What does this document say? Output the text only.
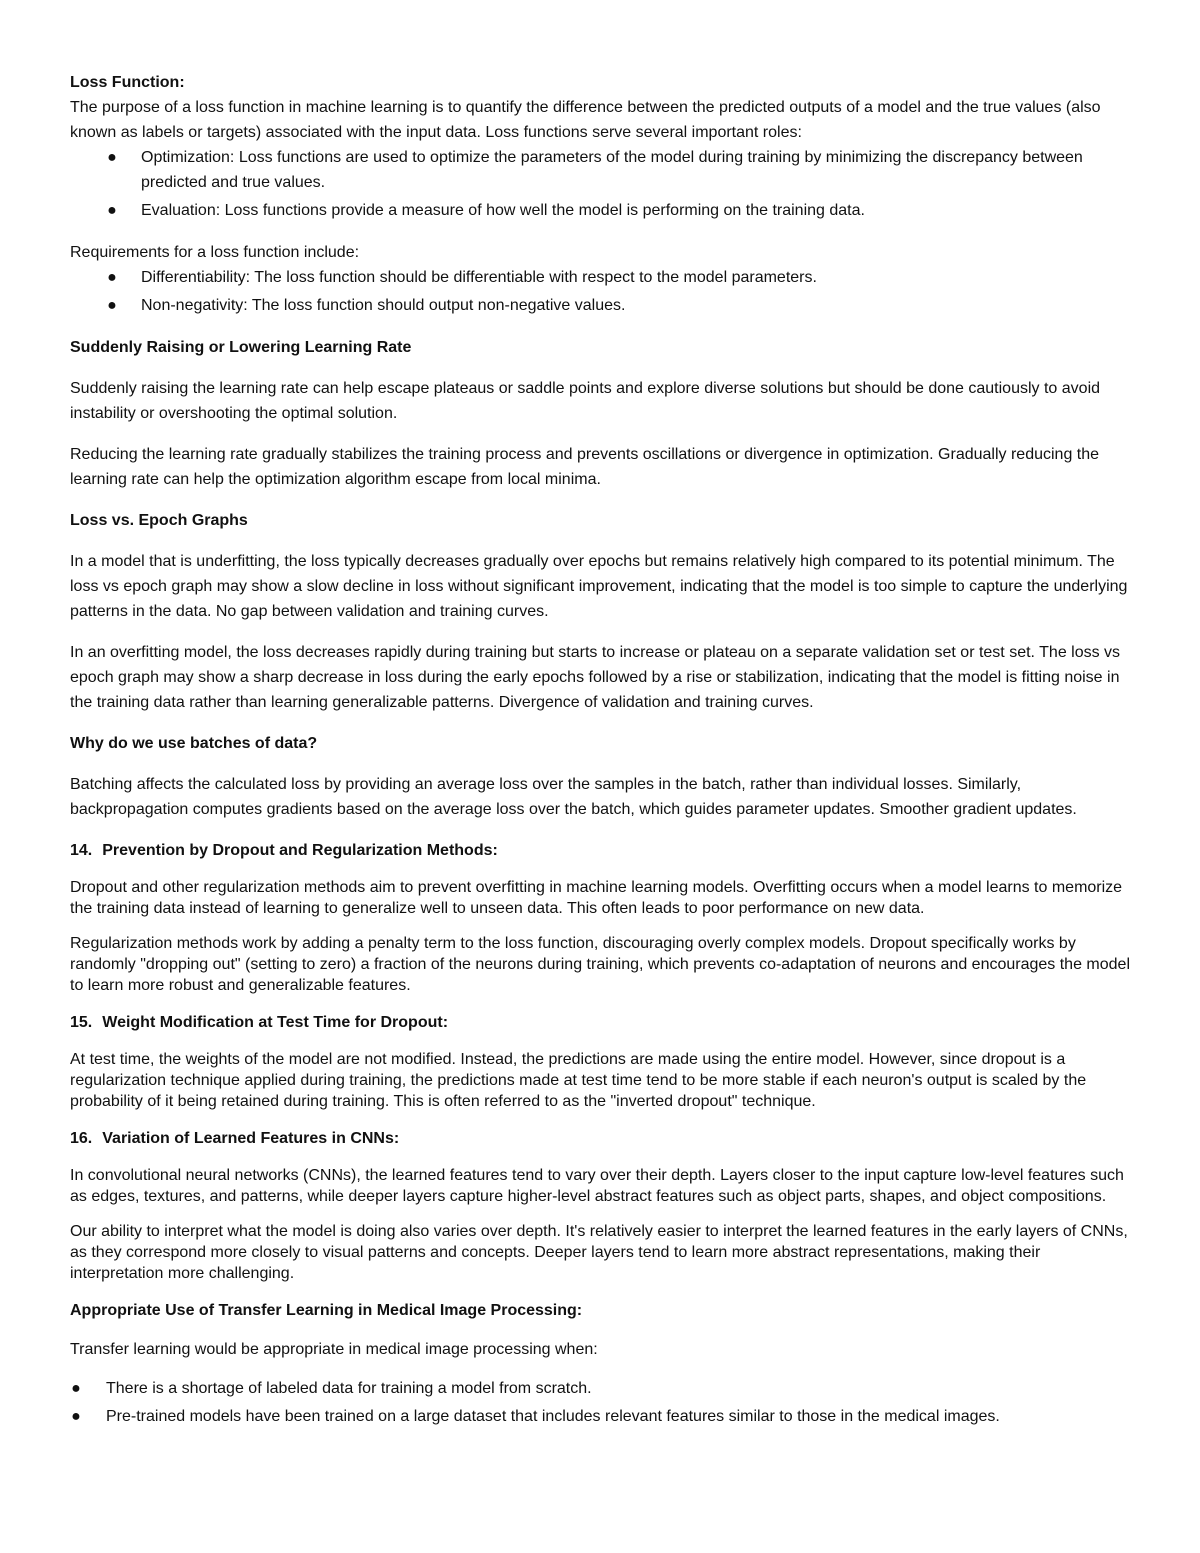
Loss Function:

The purpose of a loss function in machine learning is to quantify the difference between the predicted outputs of a model and the true values (also known as labels or targets) associated with the input data. Loss functions serve several important roles:

● Optimization: Loss functions are used to optimize the parameters of the model during training by minimizing the discrepancy between predicted and true values.
● Evaluation: Loss functions provide a measure of how well the model is performing on the training data.

Requirements for a loss function include:

● Differentiability: The loss function should be differentiable with respect to the model parameters.
● Non-negativity: The loss function should output non-negative values.

Suddenly Raising or Lowering Learning Rate

Suddenly raising the learning rate can help escape plateaus or saddle points and explore diverse solutions but should be done cautiously to avoid instability or overshooting the optimal solution.

Reducing the learning rate gradually stabilizes the training process and prevents oscillations or divergence in optimization. Gradually reducing the learning rate can help the optimization algorithm escape from local minima.

Loss vs. Epoch Graphs

In a model that is underfitting, the loss typically decreases gradually over epochs but remains relatively high compared to its potential minimum. The loss vs epoch graph may show a slow decline in loss without significant improvement, indicating that the model is too simple to capture the underlying patterns in the data. No gap between validation and training curves.

In an overfitting model, the loss decreases rapidly during training but starts to increase or plateau on a separate validation set or test set. The loss vs epoch graph may show a sharp decrease in loss during the early epochs followed by a rise or stabilization, indicating that the model is fitting noise in the training data rather than learning generalizable patterns. Divergence of validation and training curves.

Why do we use batches of data?

Batching affects the calculated loss by providing an average loss over the samples in the batch, rather than individual losses. Similarly, backpropagation computes gradients based on the average loss over the batch, which guides parameter updates. Smoother gradient updates.

14. Prevention by Dropout and Regularization Methods:

Dropout and other regularization methods aim to prevent overfitting in machine learning models. Overfitting occurs when a model learns to memorize the training data instead of learning to generalize well to unseen data. This often leads to poor performance on new data.

Regularization methods work by adding a penalty term to the loss function, discouraging overly complex models. Dropout specifically works by randomly "dropping out" (setting to zero) a fraction of the neurons during training, which prevents co-adaptation of neurons and encourages the model to learn more robust and generalizable features.

15. Weight Modification at Test Time for Dropout:

At test time, the weights of the model are not modified. Instead, the predictions are made using the entire model. However, since dropout is a regularization technique applied during training, the predictions made at test time tend to be more stable if each neuron's output is scaled by the probability of it being retained during training. This is often referred to as the "inverted dropout" technique.

16. Variation of Learned Features in CNNs:

In convolutional neural networks (CNNs), the learned features tend to vary over their depth. Layers closer to the input capture low-level features such as edges, textures, and patterns, while deeper layers capture higher-level abstract features such as object parts, shapes, and object compositions.

Our ability to interpret what the model is doing also varies over depth. It's relatively easier to interpret the learned features in the early layers of CNNs, as they correspond more closely to visual patterns and concepts. Deeper layers tend to learn more abstract representations, making their interpretation more challenging.

Appropriate Use of Transfer Learning in Medical Image Processing:

Transfer learning would be appropriate in medical image processing when:

● There is a shortage of labeled data for training a model from scratch.
● Pre-trained models have been trained on a large dataset that includes relevant features similar to those in the medical images.
